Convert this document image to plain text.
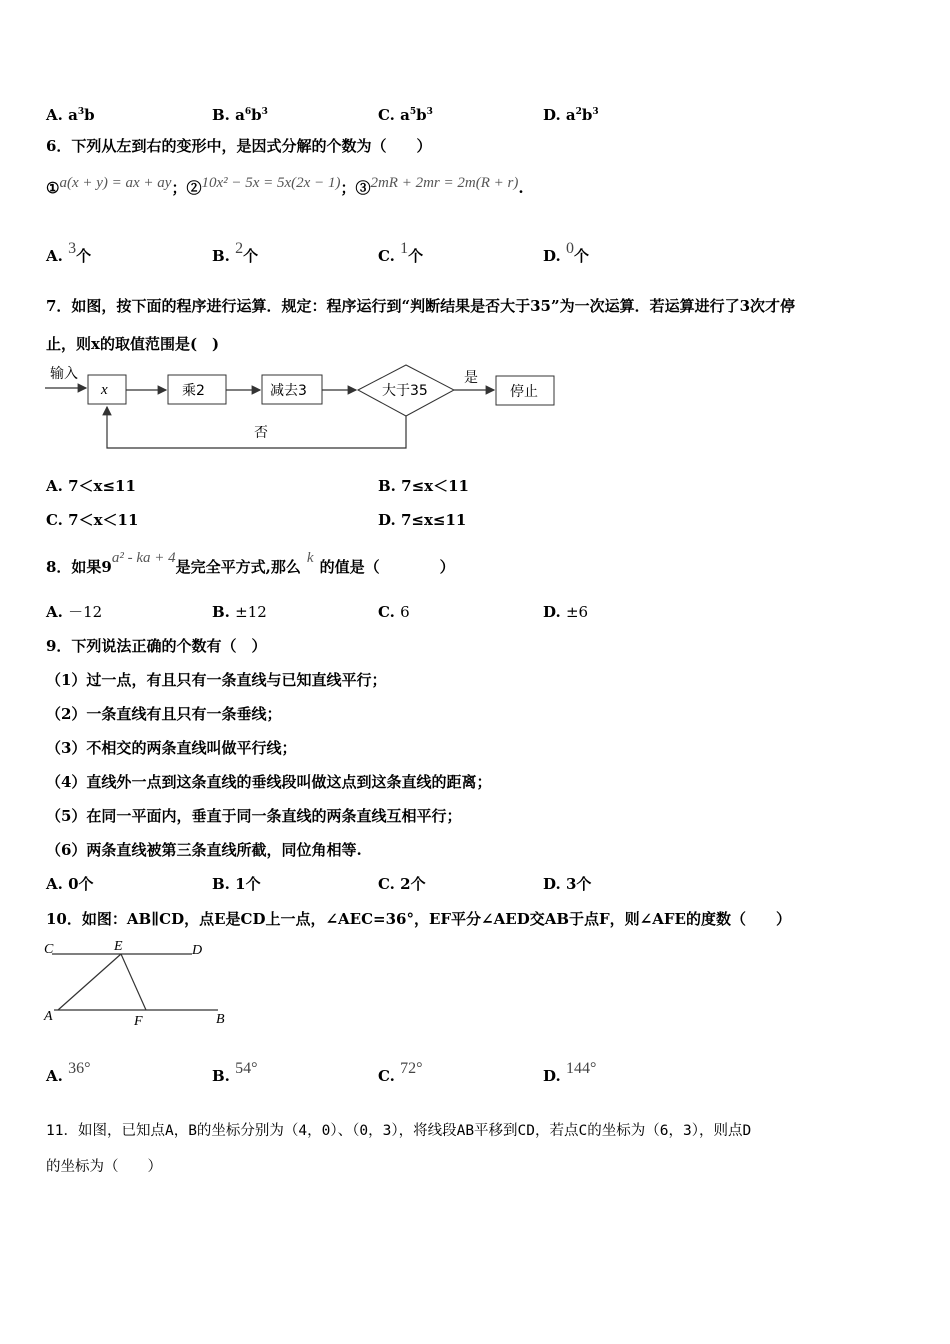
A. $a^3b$	B. $a^6b^3$	C. $a^5b^3$	D. $a^2b^3$
6．下列从左到右的变形中，是因式分解的个数为（　　）
①a(x + y) = ax + ay；②10x² − 5x = 5x(2x − 1)；③2mR + 2mr = 2m(R + r).
A. 3个	B. 2个	C. 1个	D. 0个
7．如图，按下面的程序进行运算．规定：程序运行到“判断结果是否大于35”为一次运算．若运算进行了3次才停
止，则x的取值范围是(　)
输入
x	乘2	减去3	大于35
是
停止
否
A. 7＜x≤11	B. 7≤x＜11
C. 7＜x＜11	D. 7≤x≤11
8．如果9a² - ka + 4是完全平方式,那么 k 的值是（　　　　）
A. －12	B. ±12	C. 6	D. ±6
9．下列说法正确的个数有（　）
（1）过一点，有且只有一条直线与已知直线平行；
（2）一条直线有且只有一条垂线；
（3）不相交的两条直线叫做平行线；
（4）直线外一点到这条直线的垂线段叫做这点到这条直线的距离；
（5）在同一平面内，垂直于同一条直线的两条直线互相平行；
（6）两条直线被第三条直线所截，同位角相等.
A. 0个	B. 1个	C. 2个	D. 3个
10．如图：AB∥CD，点E是CD上一点，∠AEC=36°，EF平分∠AED交AB于点F，则∠AFE的度数（　　）
C	E	D
A	F	B
A. 36°	B. 54°	C. 72°	D. 144°
11．如图，已知点A，B的坐标分别为（4，0）、（0，3），将线段AB平移到CD，若点C的坐标为（6，3），则点D
的坐标为（　　）
